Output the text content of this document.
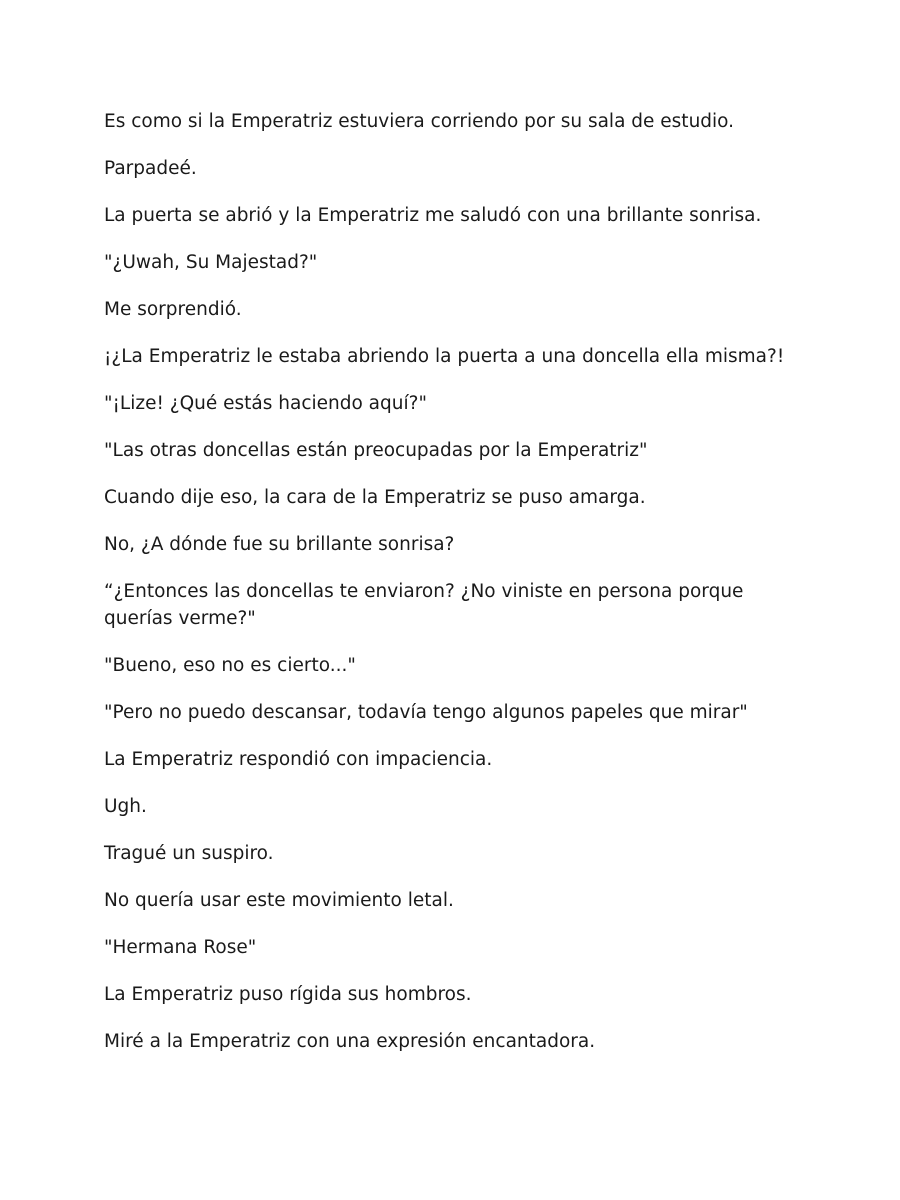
Es como si la Emperatriz estuviera corriendo por su sala de estudio.

Parpadeé.

La puerta se abrió y la Emperatriz me saludó con una brillante sonrisa.

"¿Uwah, Su Majestad?"

Me sorprendió.

¡¿La Emperatriz le estaba abriendo la puerta a una doncella ella misma?!

"¡Lize! ¿Qué estás haciendo aquí?"

"Las otras doncellas están preocupadas por la Emperatriz"

Cuando dije eso, la cara de la Emperatriz se puso amarga.

No, ¿A dónde fue su brillante sonrisa?

“¿Entonces las doncellas te enviaron? ¿No viniste en persona porque querías verme?"

"Bueno, eso no es cierto..."

"Pero no puedo descansar, todavía tengo algunos papeles que mirar"

La Emperatriz respondió con impaciencia.

Ugh.

Tragué un suspiro.

No quería usar este movimiento letal.

"Hermana Rose"

La Emperatriz puso rígida sus hombros.

Miré a la Emperatriz con una expresión encantadora.
